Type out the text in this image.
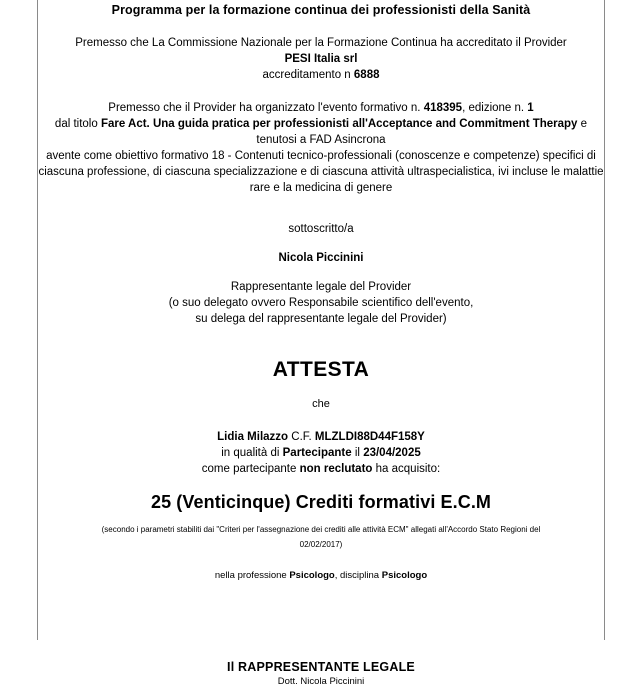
Programma per la formazione continua dei professionisti della Sanità

Premesso che La Commissione Nazionale per la Formazione Continua ha accreditato il Provider

PESI Italia srl

accreditamento n 6888

Premesso che il Provider ha organizzato l'evento formativo n. 418395, edizione n. 1

dal titolo Fare Act. Una guida pratica per professionisti all'Acceptance and Commitment Therapy e tenutosi a FAD Asincrona

avente come obiettivo formativo 18 - Contenuti tecnico-professionali (conoscenze e competenze) specifici di ciascuna professione, di ciascuna specializzazione e di ciascuna attività ultraspecialistica, ivi incluse le malattie rare e la medicina di genere

sottoscritto/a

Nicola Piccinini

Rappresentante legale del Provider

(o suo delegato ovvero Responsabile scientifico dell'evento,

su delega del rappresentante legale del Provider)

ATTESTA

che

Lidia Milazzo C.F. MLZLDI88D44F158Y

in qualità di Partecipante il 23/04/2025

come partecipante non reclutato ha acquisito:

25 (Venticinque) Crediti formativi E.C.M

(secondo i parametri stabiliti dai "Criteri per l'assegnazione dei crediti alle attività ECM" allegati all'Accordo Stato Regioni del

02/02/2017)

nella professione Psicologo, disciplina Psicologo

Il RAPPRESENTANTE LEGALE

Dott. Nicola Piccinini
